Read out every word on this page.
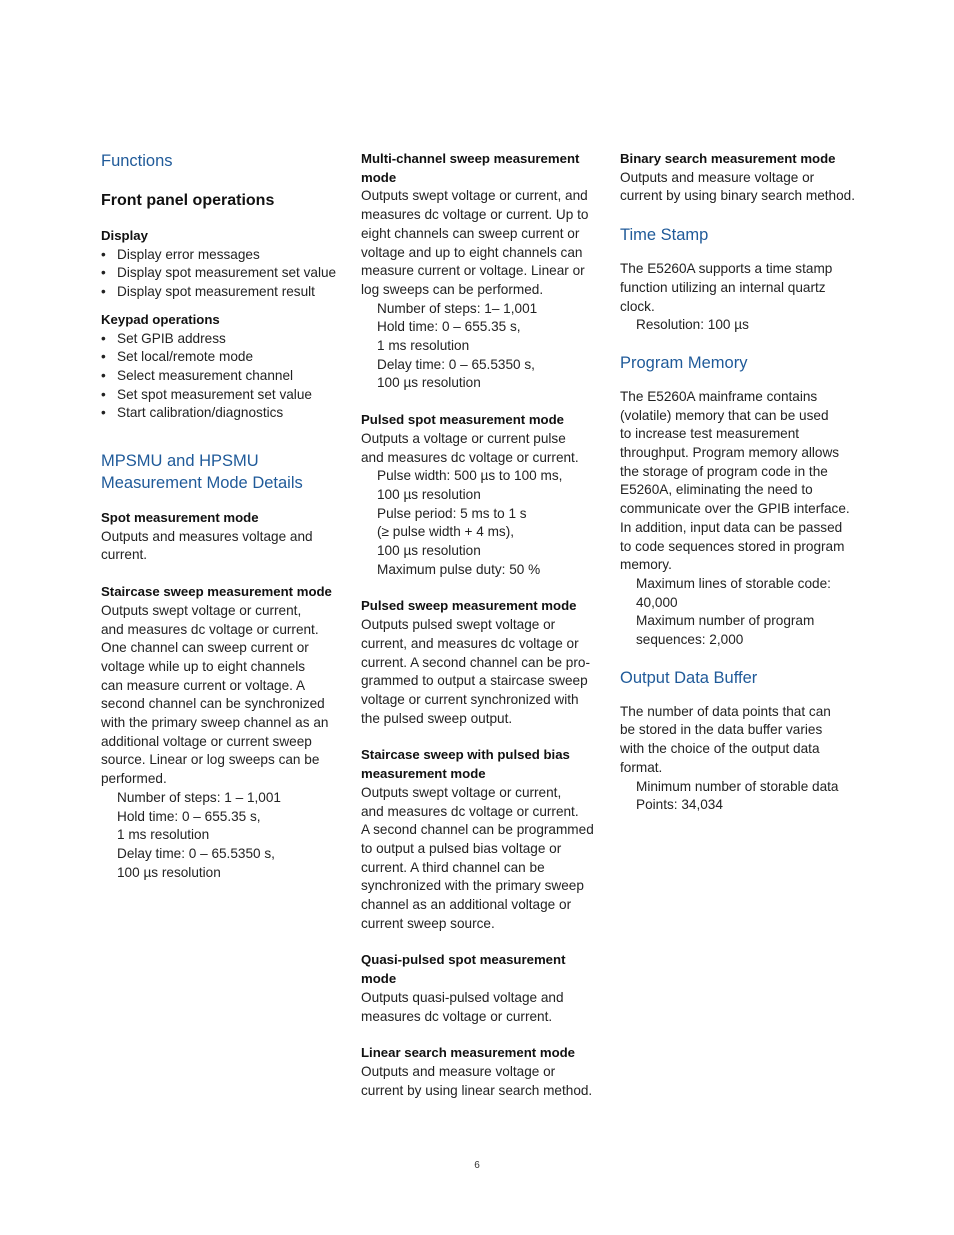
Functions
Front panel operations

Display

• Display error messages
• Display spot measurement set value
• Display spot measurement result

Keypad operations

• Set GPIB address
• Set local/remote mode
• Select measurement channel
• Set spot measurement set value
• Start calibration/diagnostics
MPSMU and HPSMU
Measurement Mode Details

Spot measurement mode

Outputs and measures voltage and
current.

Staircase sweep measurement mode

Outputs swept voltage or current,
and measures dc voltage or current.
One channel can sweep current or
voltage while up to eight channels
can measure current or voltage. A
second channel can be synchronized
with the primary sweep channel as an
additional voltage or current sweep
source. Linear or log sweeps can be
performed.

Number of steps: 1 – 1,001
Hold time: 0 – 655.35 s,
1 ms resolution
Delay time: 0 – 65.5350 s,
100 µs resolution

Multi-channel sweep measurement
mode

Outputs swept voltage or current, and
measures dc voltage or current. Up to
eight channels can sweep current or
voltage and up to eight channels can
measure current or voltage. Linear or
log sweeps can be performed.

Number of steps: 1– 1,001
Hold time: 0 – 655.35 s,
1 ms resolution
Delay time: 0 – 65.5350 s,
100 µs resolution

Pulsed spot measurement mode

Outputs a voltage or current pulse
and measures dc voltage or current.

Pulse width: 500 µs to 100 ms,
100 µs resolution
Pulse period: 5 ms to 1 s
(≥ pulse width + 4 ms),
100 µs resolution
Maximum pulse duty: 50 %

Pulsed sweep measurement mode

Outputs pulsed swept voltage or
current, and measures dc voltage or
current. A second channel can be pro-
grammed to output a staircase sweep
voltage or current synchronized with
the pulsed sweep output.

Staircase sweep with pulsed bias
measurement mode

Outputs swept voltage or current,
and measures dc voltage or current.
A second channel can be programmed
to output a pulsed bias voltage or
current. A third channel can be
synchronized with the primary sweep
channel as an additional voltage or
current sweep source.

Quasi-pulsed spot measurement mode

Outputs quasi-pulsed voltage and
measures dc voltage or current.

Linear search measurement mode

Outputs and measure voltage or
current by using linear search method.

Binary search measurement mode

Outputs and measure voltage or
current by using binary search method.

Time Stamp

The E5260A supports a time stamp
function utilizing an internal quartz
clock.

Resolution: 100 µs

Program Memory

The E5260A mainframe contains
(volatile) memory that can be used
to increase test measurement
throughput. Program memory allows
the storage of program code in the
E5260A, eliminating the need to
communicate over the GPIB interface.
In addition, input data can be passed
to code sequences stored in program
memory.

Maximum lines of storable code:
40,000
Maximum number of program
sequences: 2,000

Output Data Buffer

The number of data points that can
be stored in the data buffer varies
with the choice of the output data
format.

Minimum number of storable data
Points: 34,034

6
